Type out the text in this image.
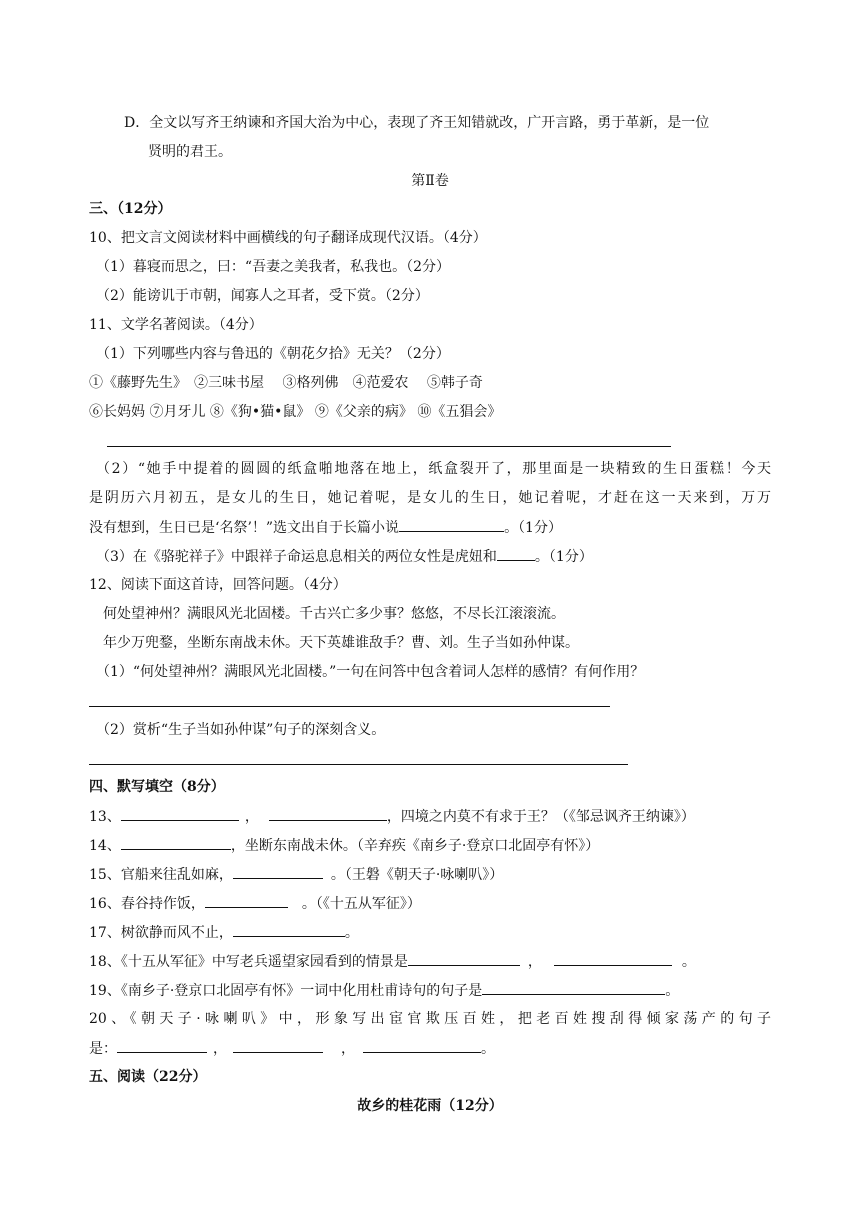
D．全文以写齐王纳谏和齐国大治为中心，表现了齐王知错就改，广开言路，勇于革新，是一位
贤明的君王。
第Ⅱ卷
三、（12分）
10、把文言文阅读材料中画横线的句子翻译成现代汉语。（4分）
（1）暮寝而思之，曰：“吾妻之美我者，私我也。（2分）
（2）能谤讥于市朝，闻寡人之耳者，受下赏。（2分）
11、文学名著阅读。（4分）
（1）下列哪些内容与鲁迅的《朝花夕拾》无关？（2分）
①《藤野先生》　②三味书屋　 ③格列佛　④范爱农　 ⑤韩子奇
⑥长妈妈 ⑦月牙儿 ⑧《狗•猫•鼠》 ⑨《父亲的病》 ⑩《五猖会》
（2）“她手中提着的圆圆的纸盒啪地落在地上，纸盒裂开了，那里面是一块精致的生日蛋糕！今天
是阴历六月初五，是女儿的生日，她记着呢，是女儿的生日，她记着呢，才赶在这一天来到，万万
没有想到，生日已是‘名祭’！”选文出自于长篇小说	。（1分）
（3）在《骆驼祥子》中跟祥子命运息息相关的两位女性是虎妞和	。（1分）
12、阅读下面这首诗，回答问题。（4分）
何处望神州？满眼风光北固楼。千古兴亡多少事？悠悠，不尽长江滚滚流。
年少万兜鍪，坐断东南战未休。天下英雄谁敌手？曹、刘。生子当如孙仲谋。
（1）“何处望神州？满眼风光北固楼。”一句在问答中包含着词人怎样的感情？有何作用？
（2）赏析“生子当如孙仲谋”句子的深刻含义。
四、默写填空（8分）
13、	，	，四境之内莫不有求于王？（《邹忌讽齐王纳谏》）
14、	，坐断东南战未休。（辛弃疾《南乡子·登京口北固亭有怀》）
15、官船来往乱如麻，	。（王磐《朝天子·咏喇叭》）
16、春谷持作饭，	。（《十五从军征》）
17、树欲静而风不止，	。
18、《十五从军征》中写老兵遥望家园看到的情景是	，	。
19、《南乡子·登京口北固亭有怀》一词中化用杜甫诗句的句子是	。
20、《朝天子·咏喇叭》中，形象写出宦官欺压百姓，把老百姓搜刮得倾家荡产的句子
是：	，	，	。
五、阅读（22分）
故乡的桂花雨（12分）
